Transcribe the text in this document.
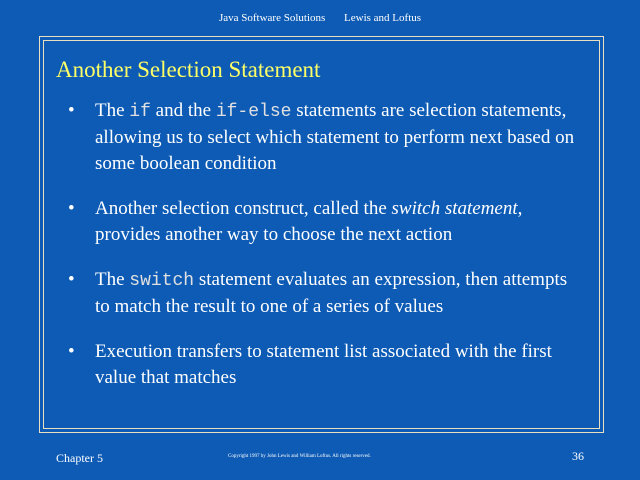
Java Software Solutions Lewis and Loftus
Another Selection Statement
• The if and the if-else statements are selection statements, allowing us to select which statement to perform next based on some boolean condition
• Another selection construct, called the switch statement, provides another way to choose the next action
• The switch statement evaluates an expression, then attempts to match the result to one of a series of values
• Execution transfers to statement list associated with the first value that matches
Chapter 5	Copyright 1997 by John Lewis and William Loftus. All rights reserved.	36
